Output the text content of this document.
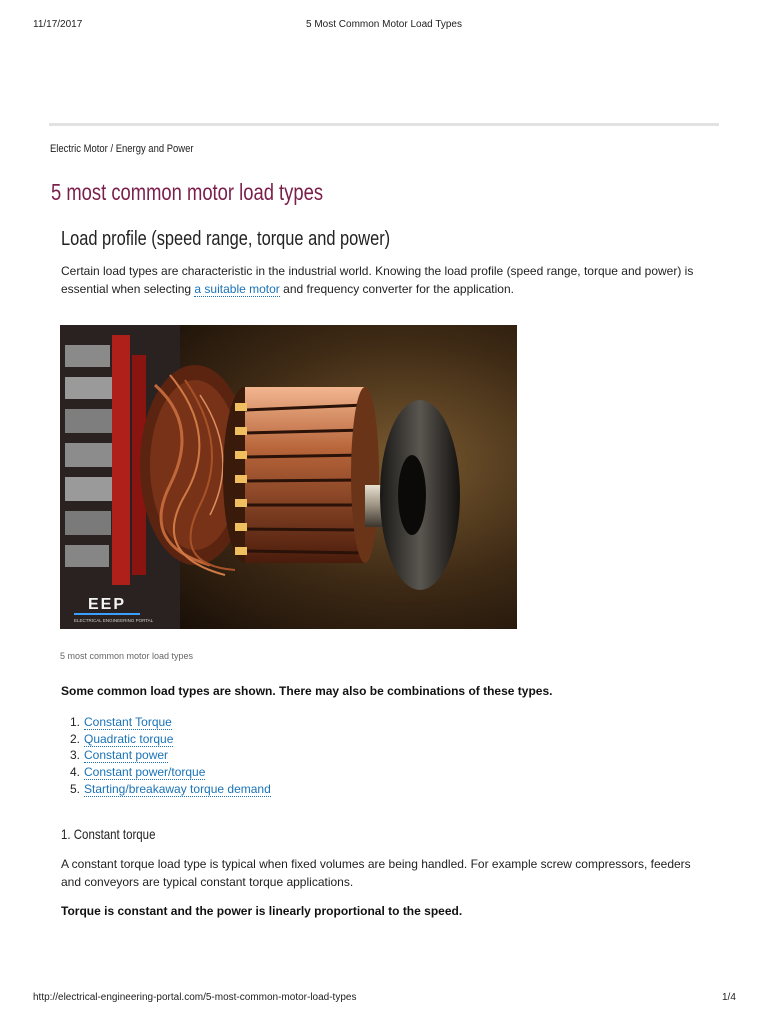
11/17/2017	5 Most Common Motor Load Types
Electric Motor / Energy and Power
5 most common motor load types
Load profile (speed range, torque and power)
Certain load types are characteristic in the industrial world. Knowing the load profile (speed range, torque and power) is essential when selecting a suitable motor and frequency converter for the application.
EEP
ELECTRICAL ENGINEERING PORTAL
5 most common motor load types
Some common load types are shown. There may also be combinations of these types.
1. Constant Torque
2. Quadratic torque
3. Constant power
4. Constant power/torque
5. Starting/breakaway torque demand
1. Constant torque
A constant torque load type is typical when fixed volumes are being handled. For example screw compressors, feeders and conveyors are typical constant torque applications.
Torque is constant and the power is linearly proportional to the speed.
http://electrical-engineering-portal.com/5-most-common-motor-load-types	1/4
